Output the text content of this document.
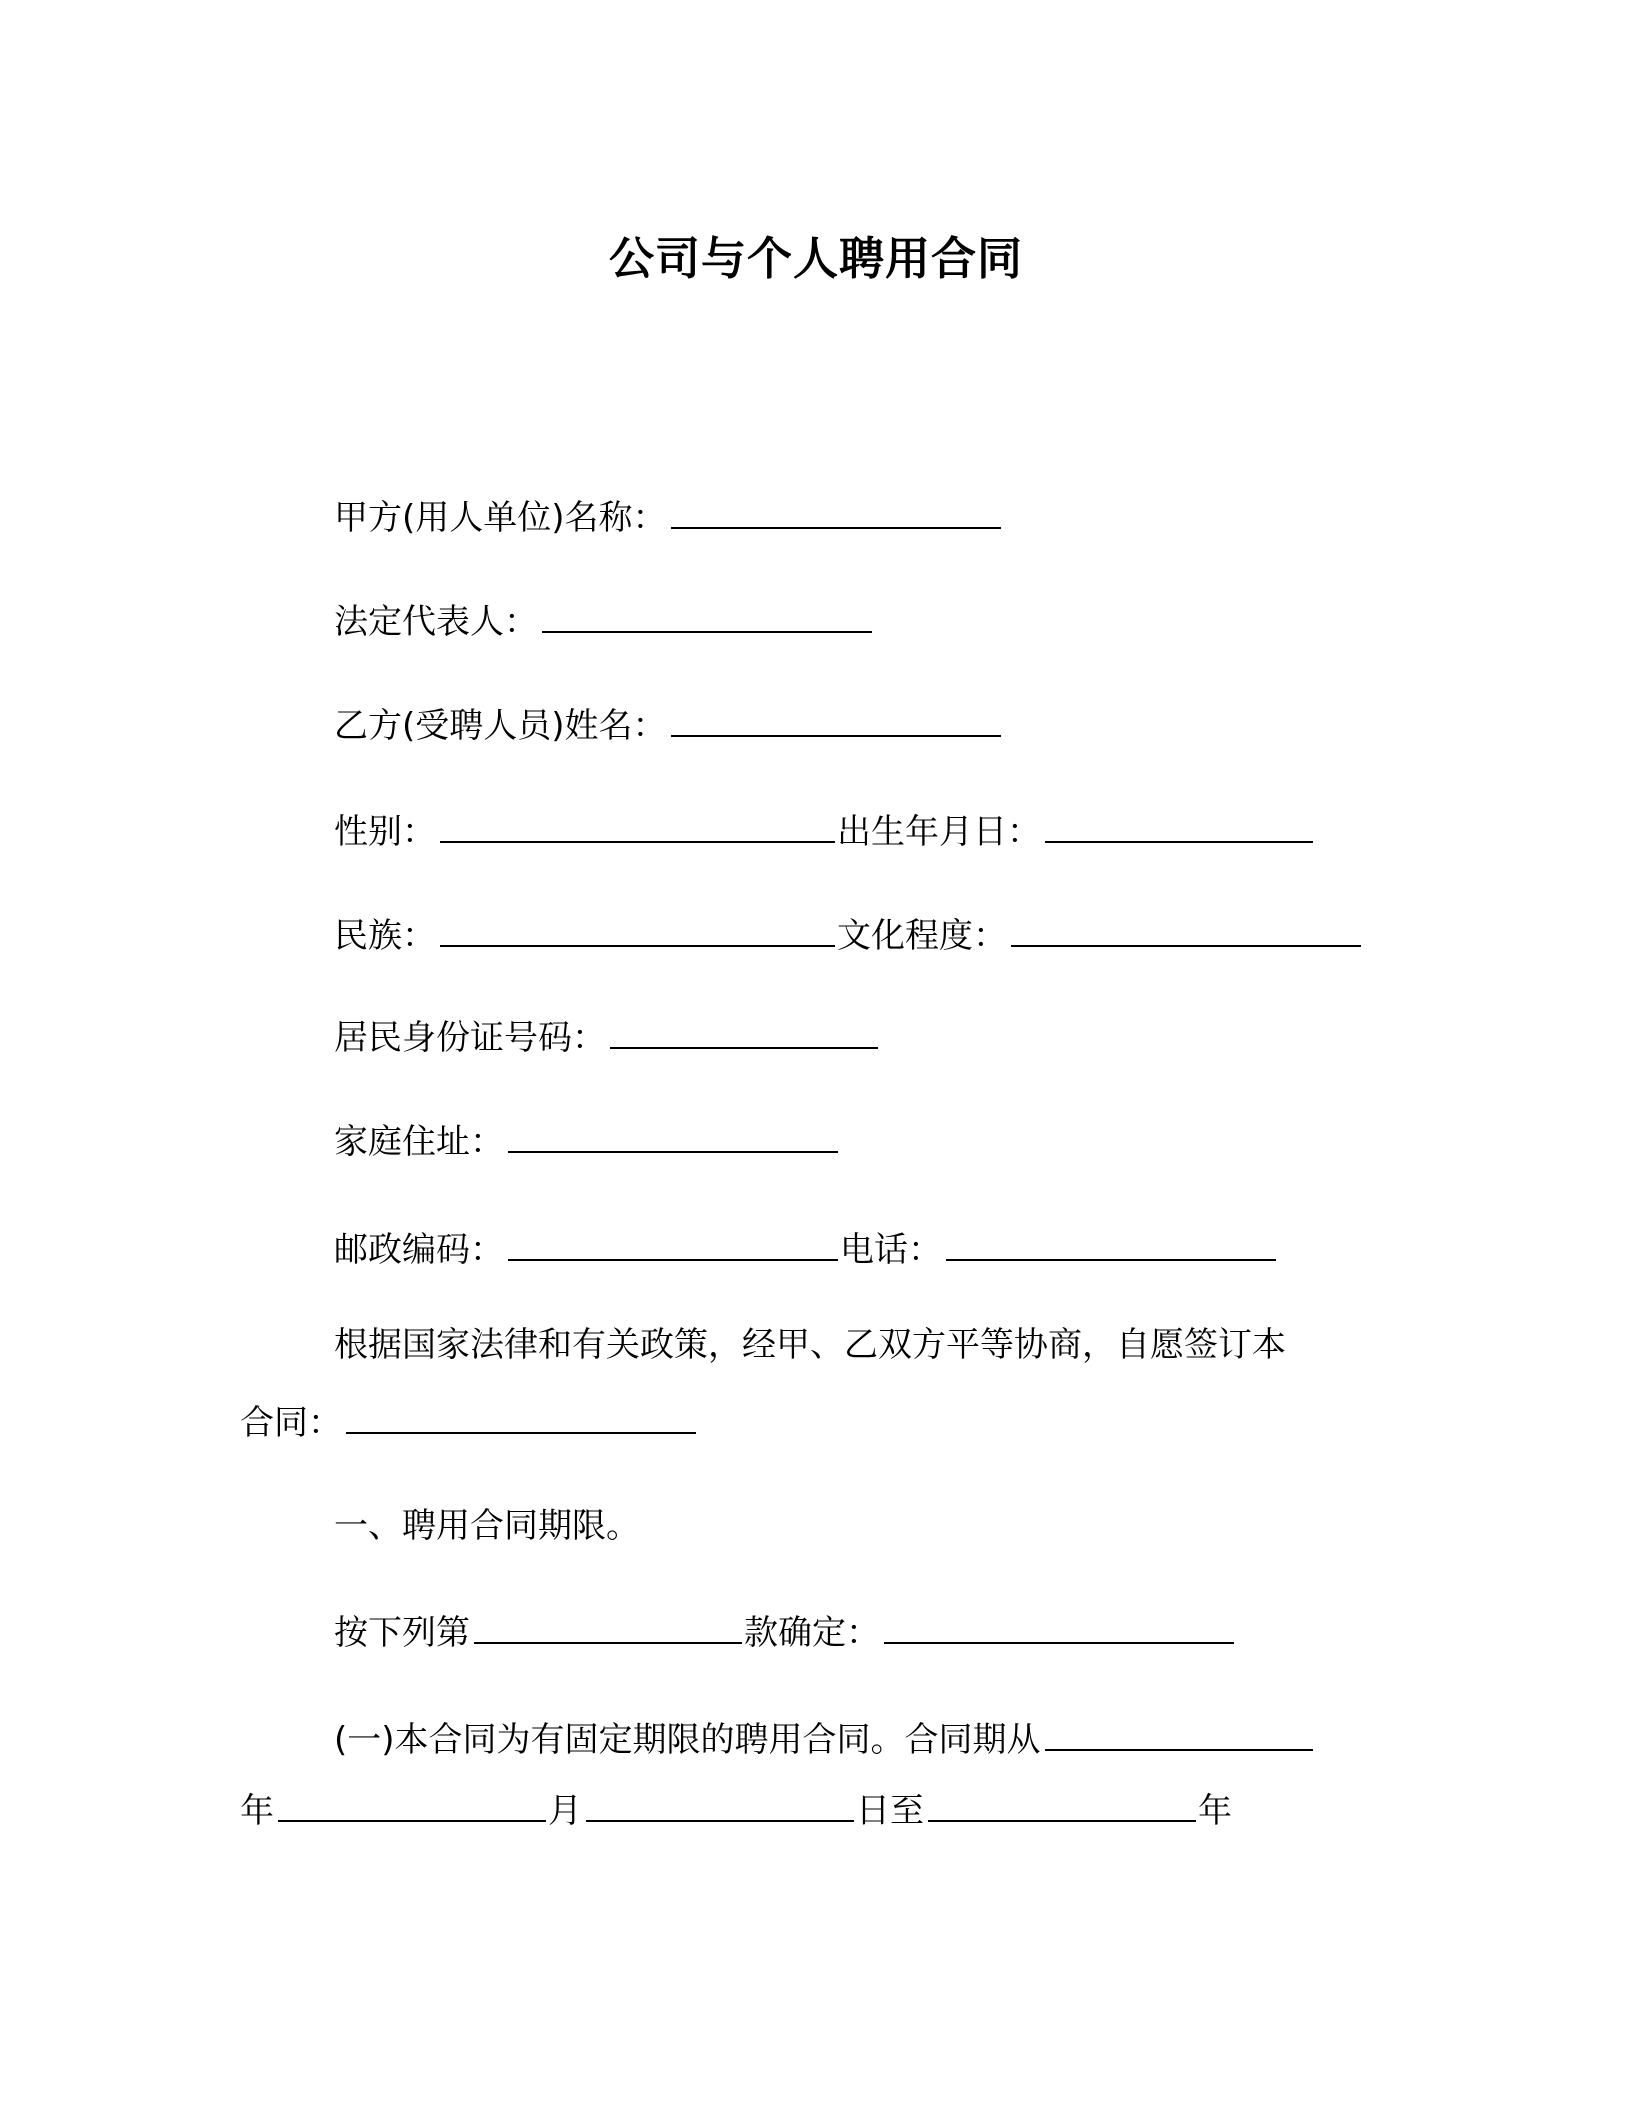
公司与个人聘用合同
甲方(用人单位)名称：
法定代表人：
乙方(受聘人员)姓名：
性别：	出生年月日：
民族：	文化程度：
居民身份证号码：
家庭住址：
邮政编码：	电话：
根据国家法律和有关政策，经甲、乙双方平等协商，自愿签订本
合同：
一、聘用合同期限。
按下列第	款确定：
(一)本合同为有固定期限的聘用合同。合同期从
年	月	日至	年
